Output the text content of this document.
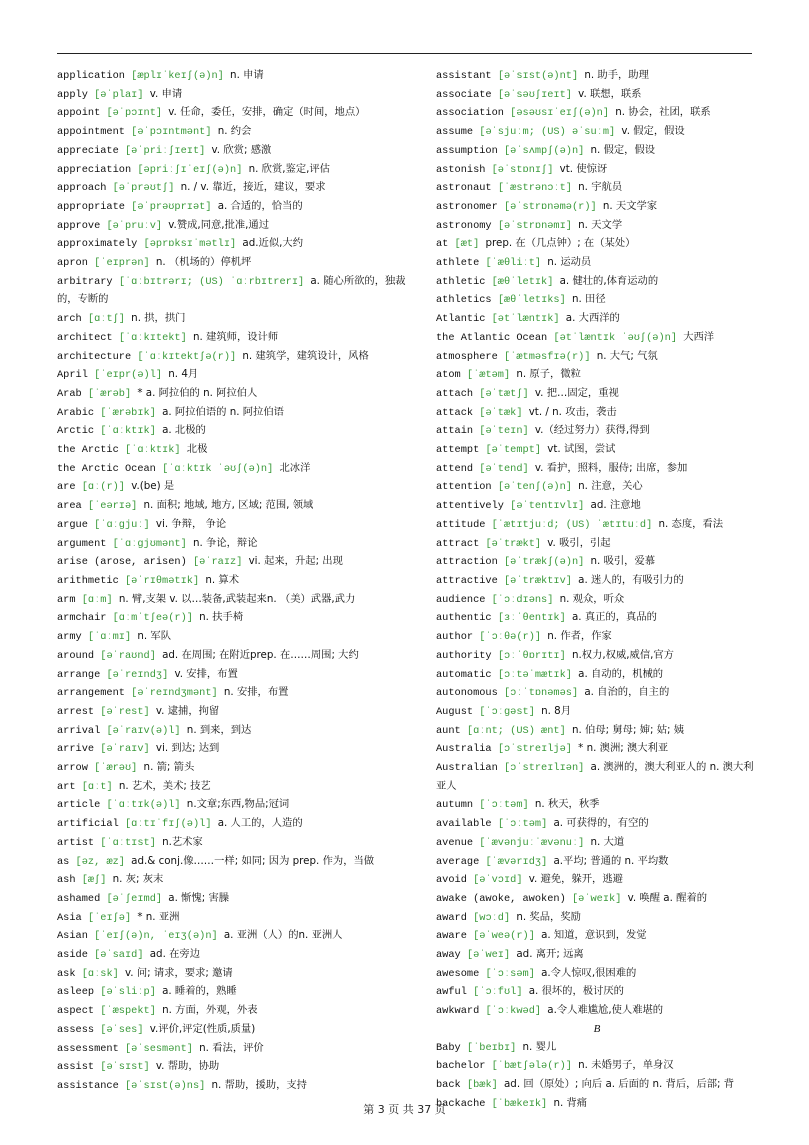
application [æplɪˈkeɪʃ(ə)n] n. 申请
apply [əˈplaɪ] v. 申请
appoint [əˈpɔɪnt] v. 任命，委任，安排，确定（时间，地点）
appointment [əˈpɔɪntmənt] n. 约会
appreciate [əˈpriːʃɪeɪt] v. 欣赏; 感激
appreciation [əpriːʃɪˈeɪʃ(ə)n] n. 欣赏,鉴定,评估
approach [əˈprəʊtʃ] n. / v. 靠近，接近，建议，要求
appropriate [əˈprəʊprɪət] a. 合适的，恰当的
approve [əˈpruːv] v.赞成,同意,批准,通过
approximately [əprɒksɪˈmətlɪ] ad.近似,大约
apron [ˈeɪprən] n. （机场的）停机坪
arbitrary [ˈɑːbɪtrərɪ; (US) ˈɑːrbɪtrerɪ] a. 随心所欲的，独裁的，专断的
arch [ɑːtʃ] n. 拱，拱门
architect [ˈɑːkɪtekt] n. 建筑师，设计师
architecture [ˈɑːkɪtektʃə(r)] n. 建筑学，建筑设计，风格
April [ˈeɪpr(ə)l] n. 4月
Arab [ˈærəb] * a. 阿拉伯的 n. 阿拉伯人
Arabic [ˈærəbɪk] a. 阿拉伯语的 n. 阿拉伯语
Arctic [ˈɑːktɪk] a. 北极的
the Arctic [ˈɑːktɪk] 北极
the Arctic Ocean [ˈɑːktɪk ˈəʊʃ(ə)n] 北冰洋
are [ɑː(r)] v.(be) 是
area [ˈeərɪə] n. 面积; 地域, 地方, 区域; 范围, 领域
argue [ˈɑːgjuː] vi. 争辩， 争论
argument [ˈɑːgjʊmənt] n. 争论，辩论
arise (arose, arisen) [əˈraɪz] vi. 起来，升起; 出现
arithmetic [əˈrɪθmətɪk] n. 算术
arm [ɑːm] n. 臂,支架 v. 以…装备,武装起来n. （美）武器,武力
armchair [ɑːmˈtʃeə(r)] n. 扶手椅
army [ˈɑːmɪ] n. 军队
around [əˈraʊnd] ad. 在周围; 在附近prep. 在……周围; 大约
arrange [əˈreɪndʒ] v. 安排，布置
arrangement [əˈreɪndʒmənt] n. 安排，布置
arrest [əˈrest] v. 逮捕，拘留
arrival [əˈraɪv(ə)l] n. 到来，到达
arrive [əˈraɪv] vi. 到达; 达到
arrow [ˈærəʊ] n. 箭; 箭头
art [ɑːt] n. 艺术，美术; 技艺
article [ˈɑːtɪk(ə)l] n.文章;东西,物品;冠词
artificial [ɑːtɪˈfɪʃ(ə)l] a. 人工的，人造的
artist [ˈɑːtɪst] n.艺术家
as [əz, æz] ad.& conj.像……一样; 如同; 因为 prep. 作为，当做
ash [æʃ] n. 灰; 灰末
ashamed [əˈʃeɪmd] a. 惭愧; 害臊
Asia [ˈeɪʃə] * n. 亚洲
Asian [ˈeɪʃ(ə)n, ˈeɪʒ(ə)n] a. 亚洲（人）的n. 亚洲人
aside [əˈsaɪd] ad. 在旁边
ask [ɑːsk] v. 问; 请求，要求; 邀请
asleep [əˈsliːp] a. 睡着的，熟睡
aspect [ˈæspekt] n. 方面，外观，外表
assess [əˈses] v.评价,评定(性质,质量)
assessment [əˈsesmənt] n. 看法，评价
assist [əˈsɪst] v. 帮助，协助
assistance [əˈsɪst(ə)ns] n. 帮助，援助，支持
assistant [əˈsɪst(ə)nt] n. 助手，助理
associate [əˈsəʊʃɪeɪt] v. 联想，联系
association [əsəʊsɪˈeɪʃ(ə)n] n. 协会，社团，联系
assume [əˈsjuːm; (US) əˈsuːm] v. 假定，假设
assumption [əˈsʌmpʃ(ə)n] n. 假定，假设
astonish [əˈstɒnɪʃ] vt. 使惊讶
astronaut [ˈæstrənɔːt] n. 宇航员
astronomer [əˈstrɒnəmə(r)] n. 天文学家
astronomy [əˈstrɒnəmɪ] n. 天文学
at [æt] prep. 在（几点钟）; 在（某处）
athlete [ˈæθliːt] n. 运动员
athletic [æθˈletɪk] a. 健壮的,体育运动的
athletics [æθˈletɪks] n. 田径
Atlantic [ətˈlæntɪk] a. 大西洋的
the Atlantic Ocean [ətˈlæntɪk ˈəʊʃ(ə)n] 大西洋
atmosphere [ˈætməsfɪə(r)] n. 大气; 气氛
atom [ˈætəm] n. 原子，微粒
attach [əˈtætʃ] v. 把…固定，重视
attack [əˈtæk] vt. / n. 攻击，袭击
attain [əˈteɪn] v.（经过努力）获得,得到
attempt [əˈtempt] vt. 试图，尝试
attend [əˈtend] v. 看护，照料，服侍; 出席，参加
attention [əˈtenʃ(ə)n] n. 注意，关心
attentively [əˈtentɪvlɪ] ad. 注意地
attitude [ˈætɪtjuːd; (US) ˈætɪtuːd] n. 态度，看法
attract [əˈtrækt] v. 吸引，引起
attraction [əˈtrækʃ(ə)n] n. 吸引，爱慕
attractive [əˈtræktɪv] a. 迷人的，有吸引力的
audience [ˈɔːdɪəns] n. 观众，听众
authentic [ɜːˈθentɪk] a. 真正的，真品的
author [ˈɔːθə(r)] n. 作者，作家
authority [ɔːˈθɒrɪtɪ] n.权力,权威,威信,官方
automatic [ɔːtəˈmætɪk] a. 自动的，机械的
autonomous [ɔːˈtɒnəməs] a. 自治的，自主的
August [ˈɔːgəst] n. 8月
aunt [ɑːnt; (US) ænt] n. 伯母; 舅母; 婶; 姑; 姨
Australia [ɔˈstreɪljə] * n. 澳洲; 澳大利亚
Australian [ɔˈstreɪlɪən] a. 澳洲的，澳大利亚人的 n. 澳大利亚人
autumn [ˈɔːtəm] n. 秋天，秋季
available [ˈɔːtəm] a. 可获得的，有空的
avenue [ˈævənjuːˈævənuː] n. 大道
average [ˈævərɪdʒ] a.平均; 普通的 n. 平均数
avoid [əˈvɔɪd] v. 避免，躲开，逃避
awake (awoke, awoken) [əˈweɪk] v. 唤醒 a. 醒着的
award [wɔːd] n. 奖品，奖励
aware [əˈweə(r)] a. 知道，意识到，发觉
away [əˈweɪ] ad. 离开; 远离
awesome [ˈɔːsəm] a.令人惊叹,很困难的
awful [ˈɔːfʊl] a. 很坏的，极讨厌的
awkward [ˈɔːkwəd] a.令人难尴尬,使人难堪的
B
Baby [ˈbeɪbɪ] n. 婴儿
bachelor [ˈbætʃələ(r)] n. 未婚男子，单身汉
back [bæk] ad. 回（原处）; 向后 a. 后面的 n. 背后，后部; 背
backache [ˈbækeɪk] n. 背痛
第 3 页 共 37 页
